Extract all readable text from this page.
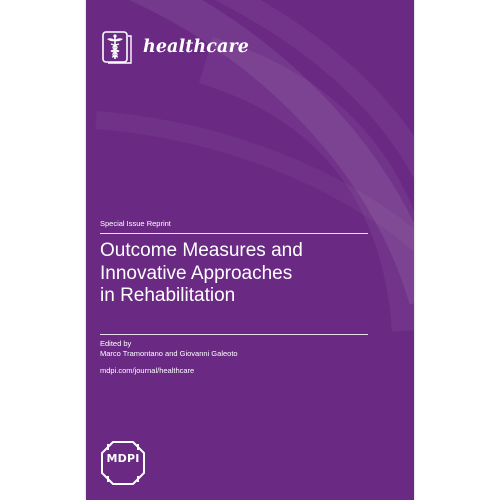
healthcare
Special Issue Reprint
Outcome Measures and
Innovative Approaches
in Rehabilitation
Edited by
Marco Tramontano and Giovanni Galeoto
mdpi.com/journal/healthcare
MDPI
